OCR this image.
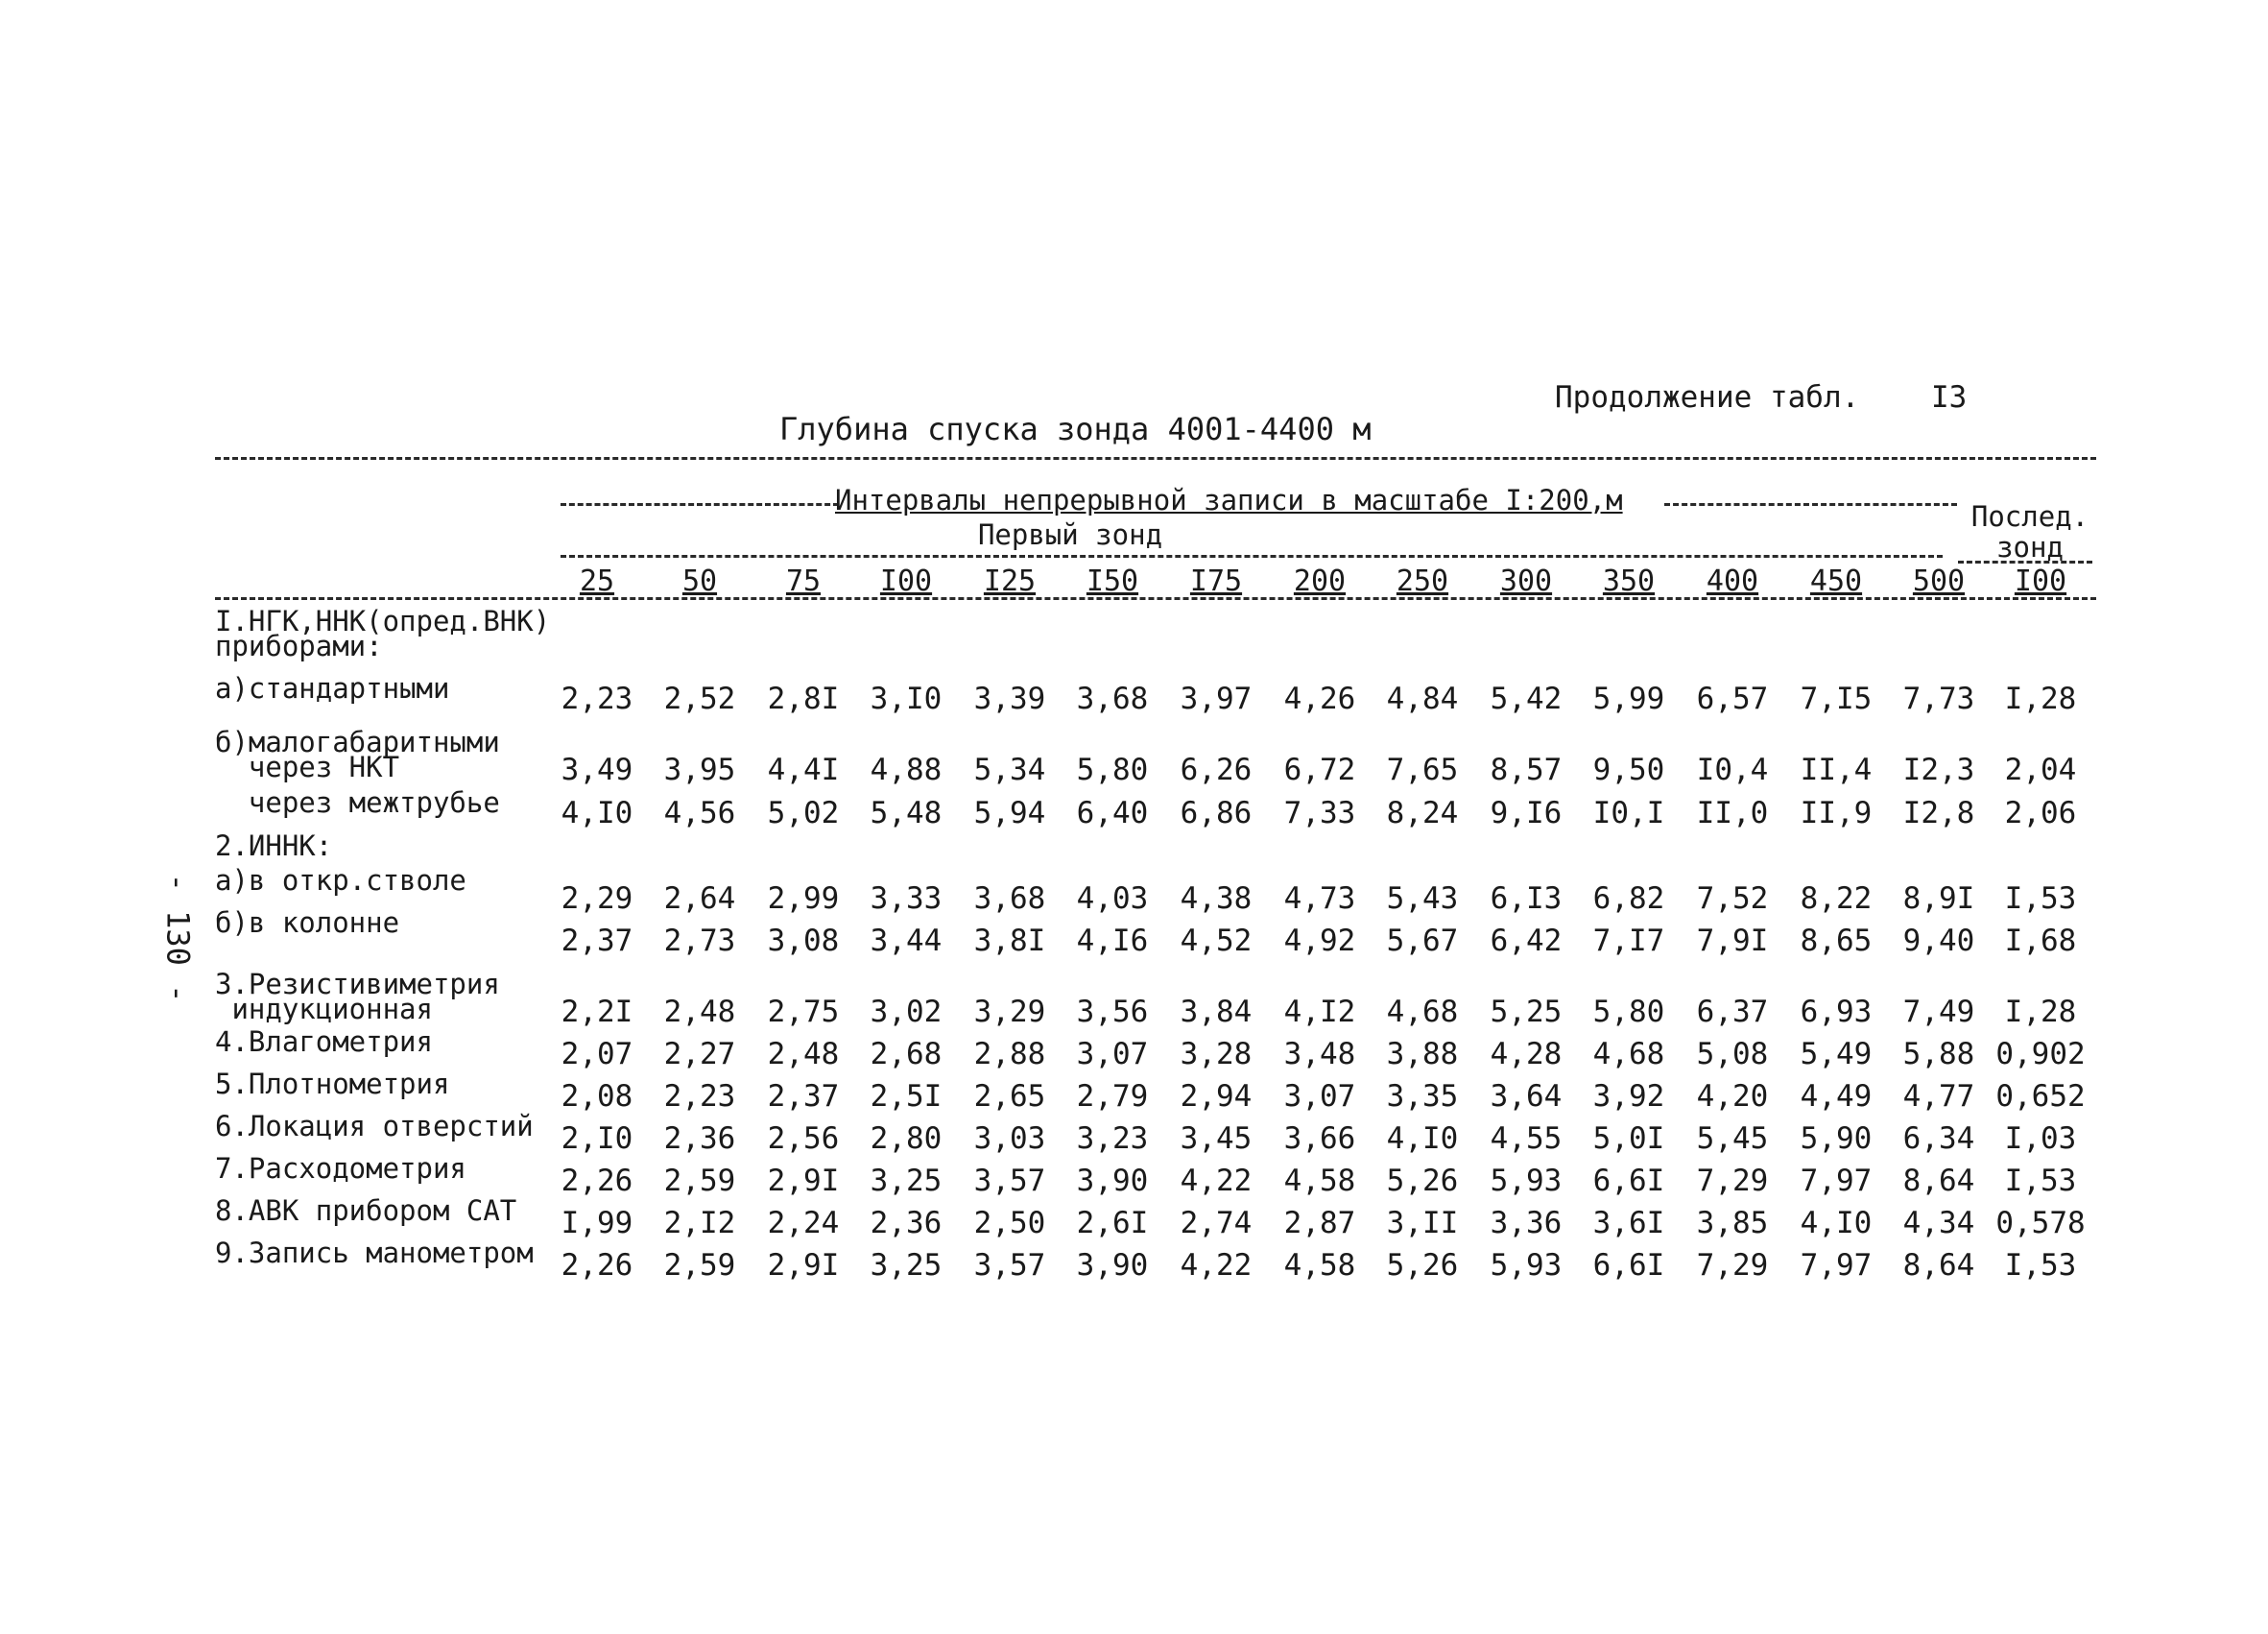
- 130 -
Продолжение табл. I3
Глубина спуска зонда 4001-4400 м
Интервалы непрерывной записи в масштабе I:200,м
Первый зонд
Послед. зонд
25	50	75	I00	I25	I50	I75	200	250	300	350	400	450	500	I00
I.НГК,ННК(опред.ВНК)
приборами:
а)стандартными	2,23	2,52	2,8I	3,I0	3,39	3,68	3,97	4,26	4,84	5,42	5,99	6,57	7,I5	7,73	I,28
б)малогабаритными
через НКТ	3,49	3,95	4,4I	4,88	5,34	5,80	6,26	6,72	7,65	8,57	9,50	I0,4	II,4	I2,3	2,04
через межтрубье	4,I0	4,56	5,02	5,48	5,94	6,40	6,86	7,33	8,24	9,I6	I0,I	II,0	II,9	I2,8	2,06
2.ИННК:
а)в откр.стволе
2,29	2,64	2,99	3,33	3,68	4,03	4,38	4,73	5,43	6,I3	6,82	7,52	8,22	8,9I	I,53
б)в колонне
2,37	2,73	3,08	3,44	3,8I	4,I6	4,52	4,92	5,67	6,42	7,I7	7,9I	8,65	9,40	I,68
3.Резистивиметрия
индукционная	2,2I	2,48	2,75	3,02	3,29	3,56	3,84	4,I2	4,68	5,25	5,80	6,37	6,93	7,49	I,28
4.Влагометрия	2,07	2,27	2,48	2,68	2,88	3,07	3,28	3,48	3,88	4,28	4,68	5,08	5,49	5,88 0,902
5.Плотнометрия	2,08	2,23	2,37	2,5I	2,65	2,79	2,94	3,07	3,35	3,64	3,92	4,20	4,49	4,77 0,652
6.Локация отверстий 2,I0	2,36	2,56	2,80	3,03	3,23	3,45	3,66	4,I0	4,55	5,0I	5,45	5,90	6,34	I,03
7.Расходометрия	2,26	2,59	2,9I	3,25	3,57	3,90	4,22	4,58	5,26	5,93	6,6I	7,29	7,97	8,64	I,53
8.АВК прибором САТ	I,99	2,I2	2,24	2,36	2,50	2,6I	2,74	2,87	3,II	3,36	3,6I	3,85	4,I0	4,34 0,578
9.Запись манометром 2,26	2,59	2,9I	3,25	3,57	3,90	4,22	4,58	5,26	5,93	6,6I	7,29	7,97	8,64	I,53
